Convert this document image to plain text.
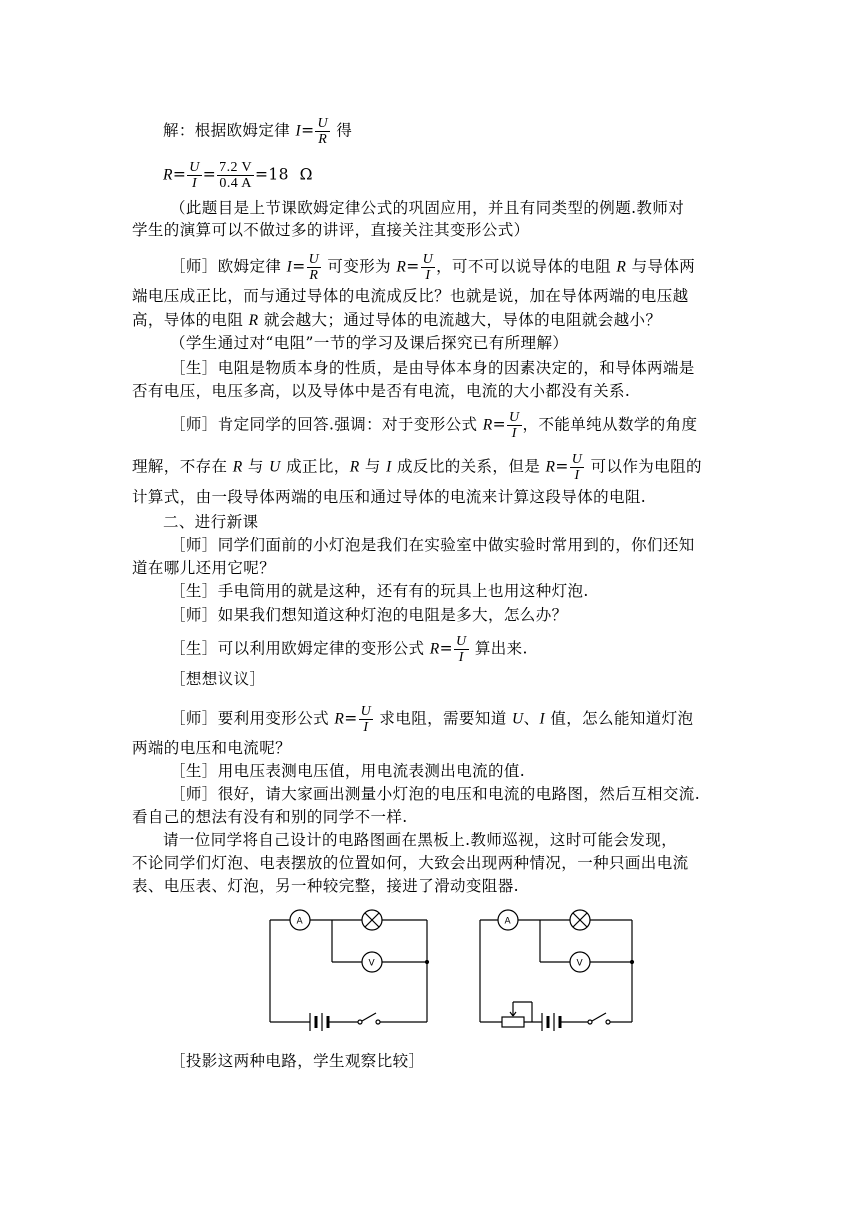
解：根据欧姆定律 $I= \frac{U}{R}$ 得
$R= \frac{U}{I} = \frac{7.2 V}{0.4 A} =18$ Ω
（此题目是上节课欧姆定律公式的巩固应用，并且有同类型的例题.教师对
学生的演算可以不做过多的讲评，直接关注其变形公式）
［师］欧姆定律 $I= \frac{U}{R}$ 可变形为 $R= \frac{U}{I}$ ，可不可以说导体的电阻 R 与导体两
端电压成正比，而与通过导体的电流成反比？也就是说，加在导体两端的电压越
高，导体的电阻 R 就会越大；通过导体的电流越大，导体的电阻就会越小？
（学生通过对“电阻”一节的学习及课后探究已有所理解）
［生］电阻是物质本身的性质，是由导体本身的因素决定的，和导体两端是
否有电压，电压多高，以及导体中是否有电流，电流的大小都没有关系.
［师］肯定同学的回答.强调：对于变形公式 $R= \frac{U}{I}$ ，不能单纯从数学的角度
理解，不存在 R 与 U 成正比，R 与 I 成反比的关系，但是 $R= \frac{U}{I}$ 可以作为电阻的
计算式，由一段导体两端的电压和通过导体的电流来计算这段导体的电阻.
二、进行新课
［师］同学们面前的小灯泡是我们在实验室中做实验时常用到的，你们还知
道在哪儿还用它呢？
［生］手电筒用的就是这种，还有有的玩具上也用这种灯泡.
［师］如果我们想知道这种灯泡的电阻是多大，怎么办？
［生］可以利用欧姆定律的变形公式 $R= \frac{U}{I}$ 算出来.
［想想议议］
［师］要利用变形公式 $R= \frac{U}{I}$ 求电阻，需要知道 U、I 值，怎么能知道灯泡
两端的电压和电流呢？
［生］用电压表测电压值，用电流表测出电流的值.
［师］很好，请大家画出测量小灯泡的电压和电流的电路图，然后互相交流.
看自己的想法有没有和别的同学不一样.
请一位同学将自己设计的电路图画在黑板上.教师巡视，这时可能会发现，
不论同学们灯泡、电表摆放的位置如何，大致会出现两种情况，一种只画出电流
表、电压表、灯泡，另一种较完整，接进了滑动变阻器.
A
V
A
V
［投影这两种电路，学生观察比较］
